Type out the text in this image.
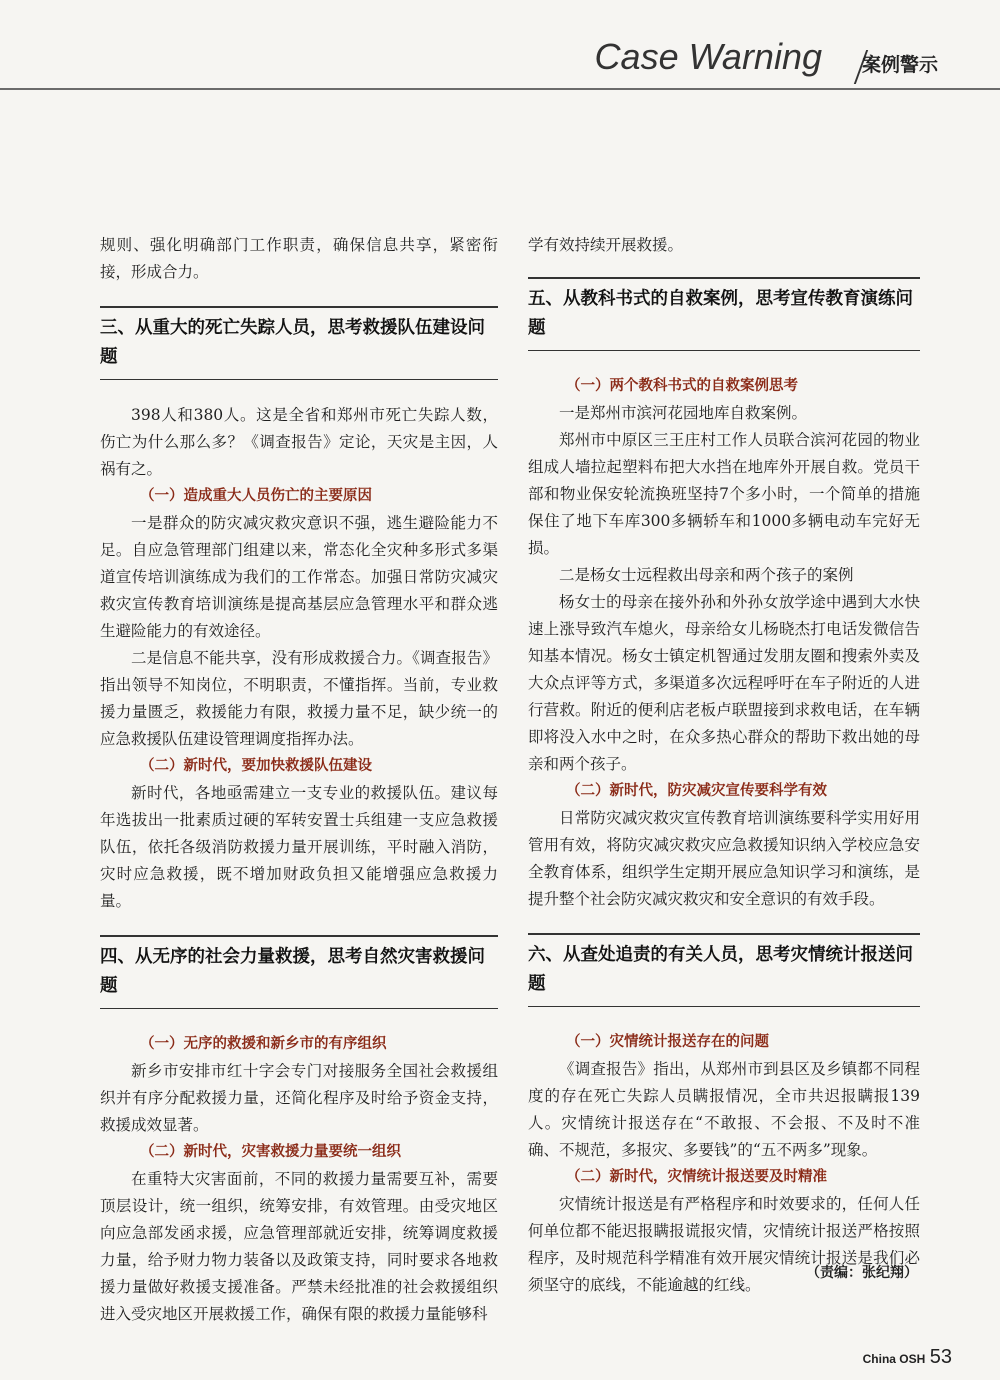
Case Warning 案例警示

规则、强化明确部门工作职责，确保信息共享，紧密衔接，形成合力。

三、从重大的死亡失踪人员，思考救援队伍建设问题

398人和380人。这是全省和郑州市死亡失踪人数，伤亡为什么那么多？《调查报告》定论，天灾是主因，人祸有之。

（一）造成重大人员伤亡的主要原因

一是群众的防灾减灾救灾意识不强，逃生避险能力不足。自应急管理部门组建以来，常态化全灾种多形式多渠道宣传培训演练成为我们的工作常态。加强日常防灾减灾救灾宣传教育培训演练是提高基层应急管理水平和群众逃生避险能力的有效途径。

二是信息不能共享，没有形成救援合力。《调查报告》指出领导不知岗位，不明职责，不懂指挥。当前，专业救援力量匮乏，救援能力有限，救援力量不足，缺少统一的应急救援队伍建设管理调度指挥办法。

（二）新时代，要加快救援队伍建设

新时代，各地亟需建立一支专业的救援队伍。建议每年选拔出一批素质过硬的军转安置士兵组建一支应急救援队伍，依托各级消防救援力量开展训练，平时融入消防，灾时应急救援，既不增加财政负担又能增强应急救援力量。

四、从无序的社会力量救援，思考自然灾害救援问题

（一）无序的救援和新乡市的有序组织

新乡市安排市红十字会专门对接服务全国社会救援组织并有序分配救援力量，还简化程序及时给予资金支持，救援成效显著。

（二）新时代，灾害救援力量要统一组织

在重特大灾害面前，不同的救援力量需要互补，需要顶层设计，统一组织，统筹安排，有效管理。由受灾地区向应急部发函求援，应急管理部就近安排，统筹调度救援力量，给予财力物力装备以及政策支持，同时要求各地救援力量做好救援支援准备。严禁未经批准的社会救援组织进入受灾地区开展救援工作，确保有限的救援力量能够科

学有效持续开展救援。

五、从教科书式的自救案例，思考宣传教育演练问题

（一）两个教科书式的自救案例思考

一是郑州市滨河花园地库自救案例。

郑州市中原区三王庄村工作人员联合滨河花园的物业组成人墙拉起塑料布把大水挡在地库外开展自救。党员干部和物业保安轮流换班坚持7个多小时，一个简单的措施保住了地下车库300多辆轿车和1000多辆电动车完好无损。

二是杨女士远程救出母亲和两个孩子的案例

杨女士的母亲在接外孙和外孙女放学途中遇到大水快速上涨导致汽车熄火，母亲给女儿杨晓杰打电话发微信告知基本情况。杨女士镇定机智通过发朋友圈和搜索外卖及大众点评等方式，多渠道多次远程呼吁在车子附近的人进行营救。附近的便利店老板卢联盟接到求救电话，在车辆即将没入水中之时，在众多热心群众的帮助下救出她的母亲和两个孩子。

（二）新时代，防灾减灾宣传要科学有效

日常防灾减灾救灾宣传教育培训演练要科学实用好用管用有效，将防灾减灾救灾应急救援知识纳入学校应急安全教育体系，组织学生定期开展应急知识学习和演练，是提升整个社会防灾减灾救灾和安全意识的有效手段。

六、从查处追责的有关人员，思考灾情统计报送问题

（一）灾情统计报送存在的问题

《调查报告》指出，从郑州市到县区及乡镇都不同程度的存在死亡失踪人员瞒报情况，全市共迟报瞒报139人。灾情统计报送存在“不敢报、不会报、不及时不准确、不规范，多报灾、多要钱”的“五不两多”现象。

（二）新时代，灾情统计报送要及时精准

灾情统计报送是有严格程序和时效要求的，任何人任何单位都不能迟报瞒报谎报灾情，灾情统计报送严格按照程序，及时规范科学精准有效开展灾情统计报送是我们必须坚守的底线，不能逾越的红线。

（责编：张纪翔）
China OSH 53
